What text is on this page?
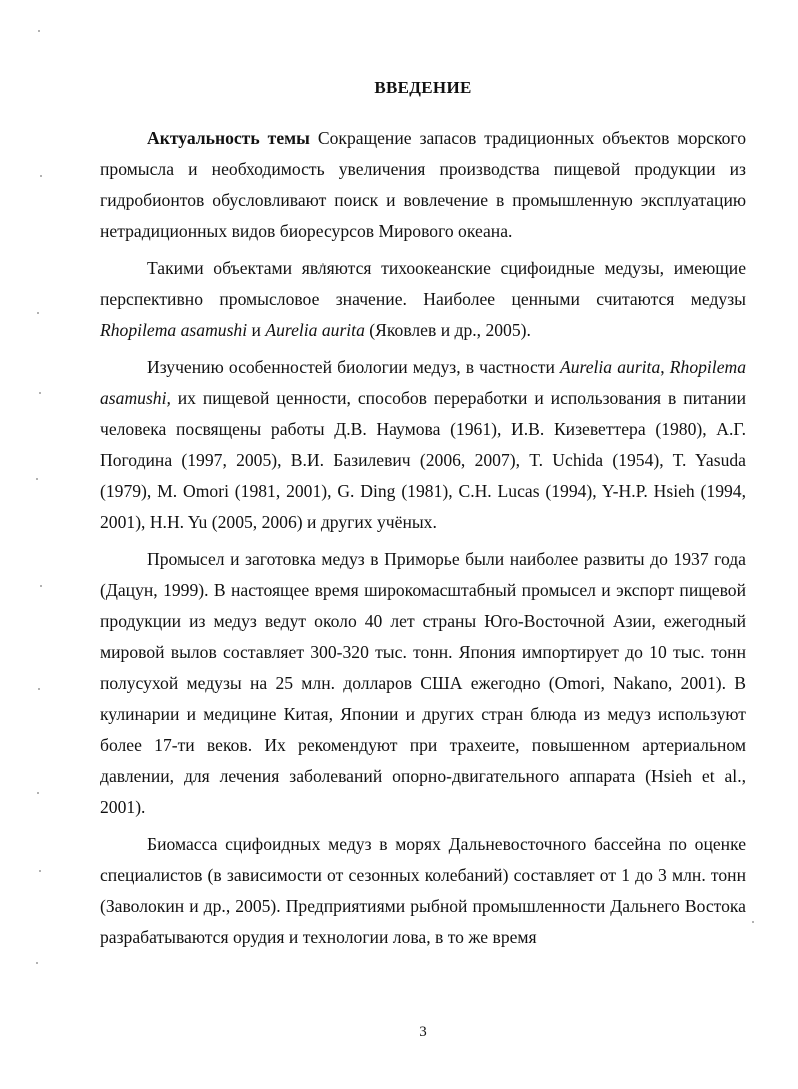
ВВЕДЕНИЕ

Актуальность темы Сокращение запасов традиционных объектов морского промысла и необходимость увеличения производства пищевой продукции из гидробионтов обусловливают поиск и вовлечение в промышленную эксплуатацию нетрадиционных видов биоресурсов Мирового океана.

Такими объектами являются тихоокеанские сцифоидные медузы, имеющие перспективно промысловое значение. Наиболее ценными считаются медузы Rhopilema asamushi и Aurelia aurita (Яковлев и др., 2005).

Изучению особенностей биологии медуз, в частности Aurelia aurita, Rhopilema asamushi, их пищевой ценности, способов переработки и использования в питании человека посвящены работы Д.В. Наумова (1961), И.В. Кизеветтера (1980), А.Г. Погодина (1997, 2005), В.И. Базилевич (2006, 2007), T. Uchida (1954), T. Yasuda (1979), M. Omori (1981, 2001), G. Ding (1981), C.H. Lucas (1994), Y-H.P. Hsieh (1994, 2001), H.H. Yu (2005, 2006) и других учёных.

Промысел и заготовка медуз в Приморье были наиболее развиты до 1937 года (Дацун, 1999). В настоящее время широкомасштабный промысел и экспорт пищевой продукции из медуз ведут около 40 лет страны Юго-Восточной Азии, ежегодный мировой вылов составляет 300-320 тыс. тонн. Япония импортирует до 10 тыс. тонн полусухой медузы на 25 млн. долларов США ежегодно (Omori, Nakano, 2001). В кулинарии и медицине Китая, Японии и других стран блюда из медуз используют более 17-ти веков. Их рекомендуют при трахеите, повышенном артериальном давлении, для лечения заболеваний опорно-двигательного аппарата (Hsieh et al., 2001).

Биомасса сцифоидных медуз в морях Дальневосточного бассейна по оценке специалистов (в зависимости от сезонных колебаний) составляет от 1 до 3 млн. тонн (Заволокин и др., 2005). Предприятиями рыбной промышленности Дальнего Востока разрабатываются орудия и технологии лова, в то же время

3
